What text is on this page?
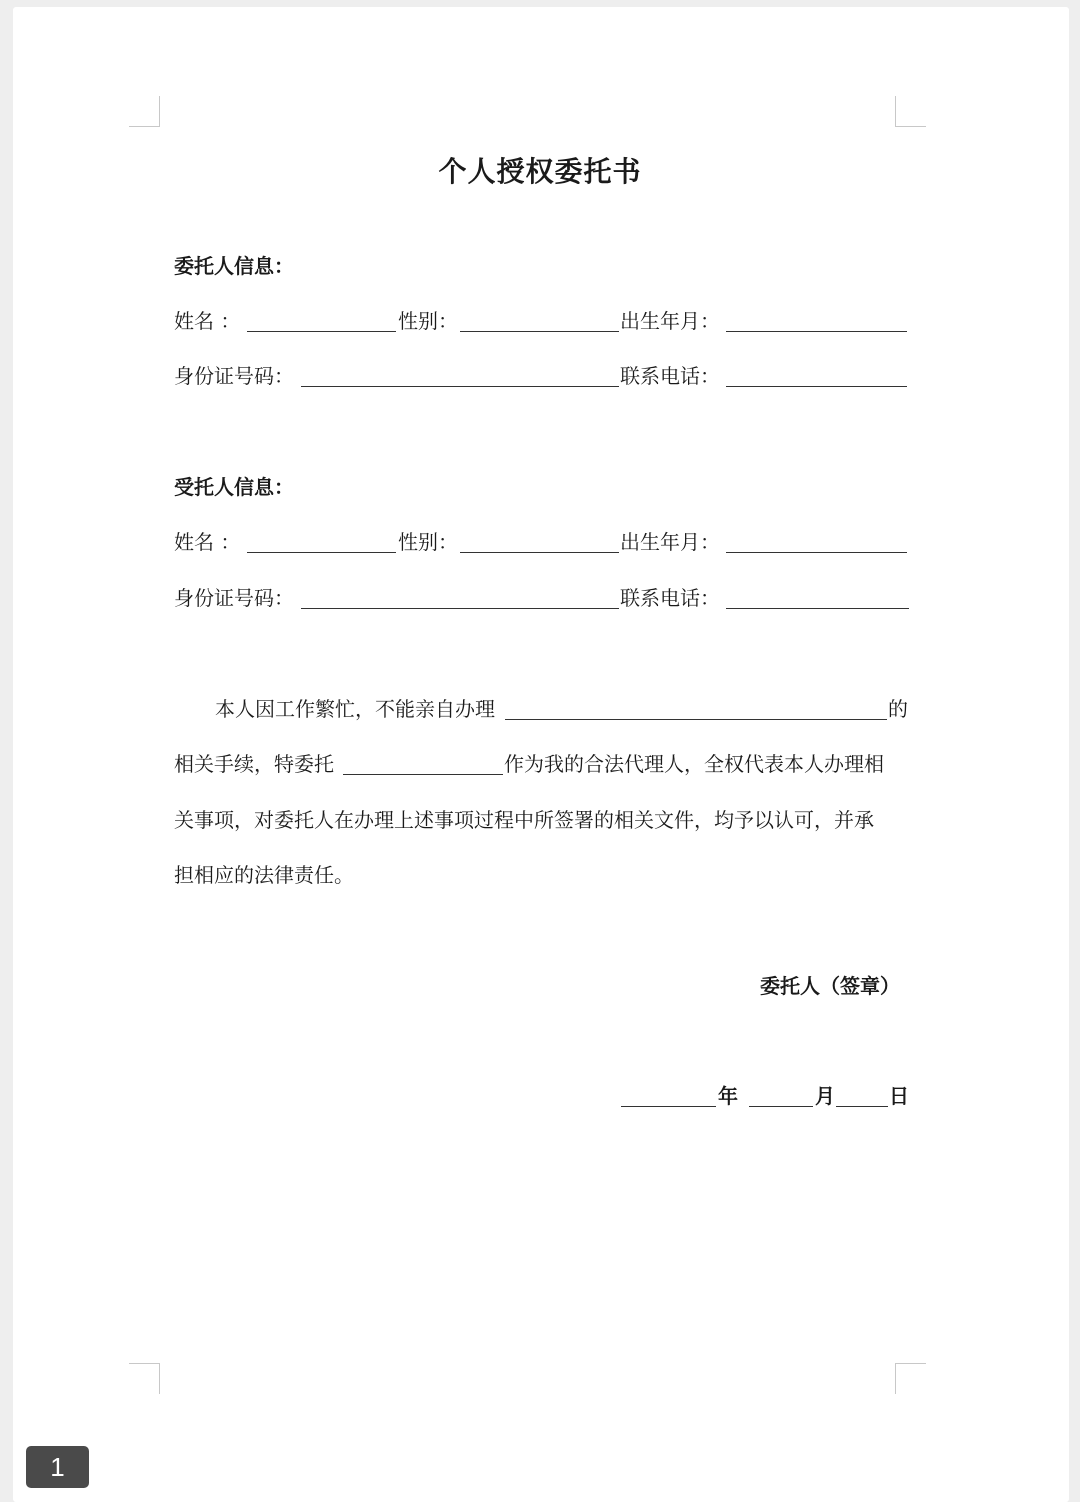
个人授权委托书
委托人信息：
姓名 ：	性别：	出生年月：
身份证号码：	联系电话：
受托人信息：
姓名 ：	性别：	出生年月：
身份证号码：	联系电话：
本人因工作繁忙，不能亲自办理	的
相关手续，特委托	作为我的合法代理人，全权代表本人办理相
关事项，对委托人在办理上述事项过程中所签署的相关文件，均予以认可，并承
担相应的法律责任。
委托人（签章）
年	月	日
1
